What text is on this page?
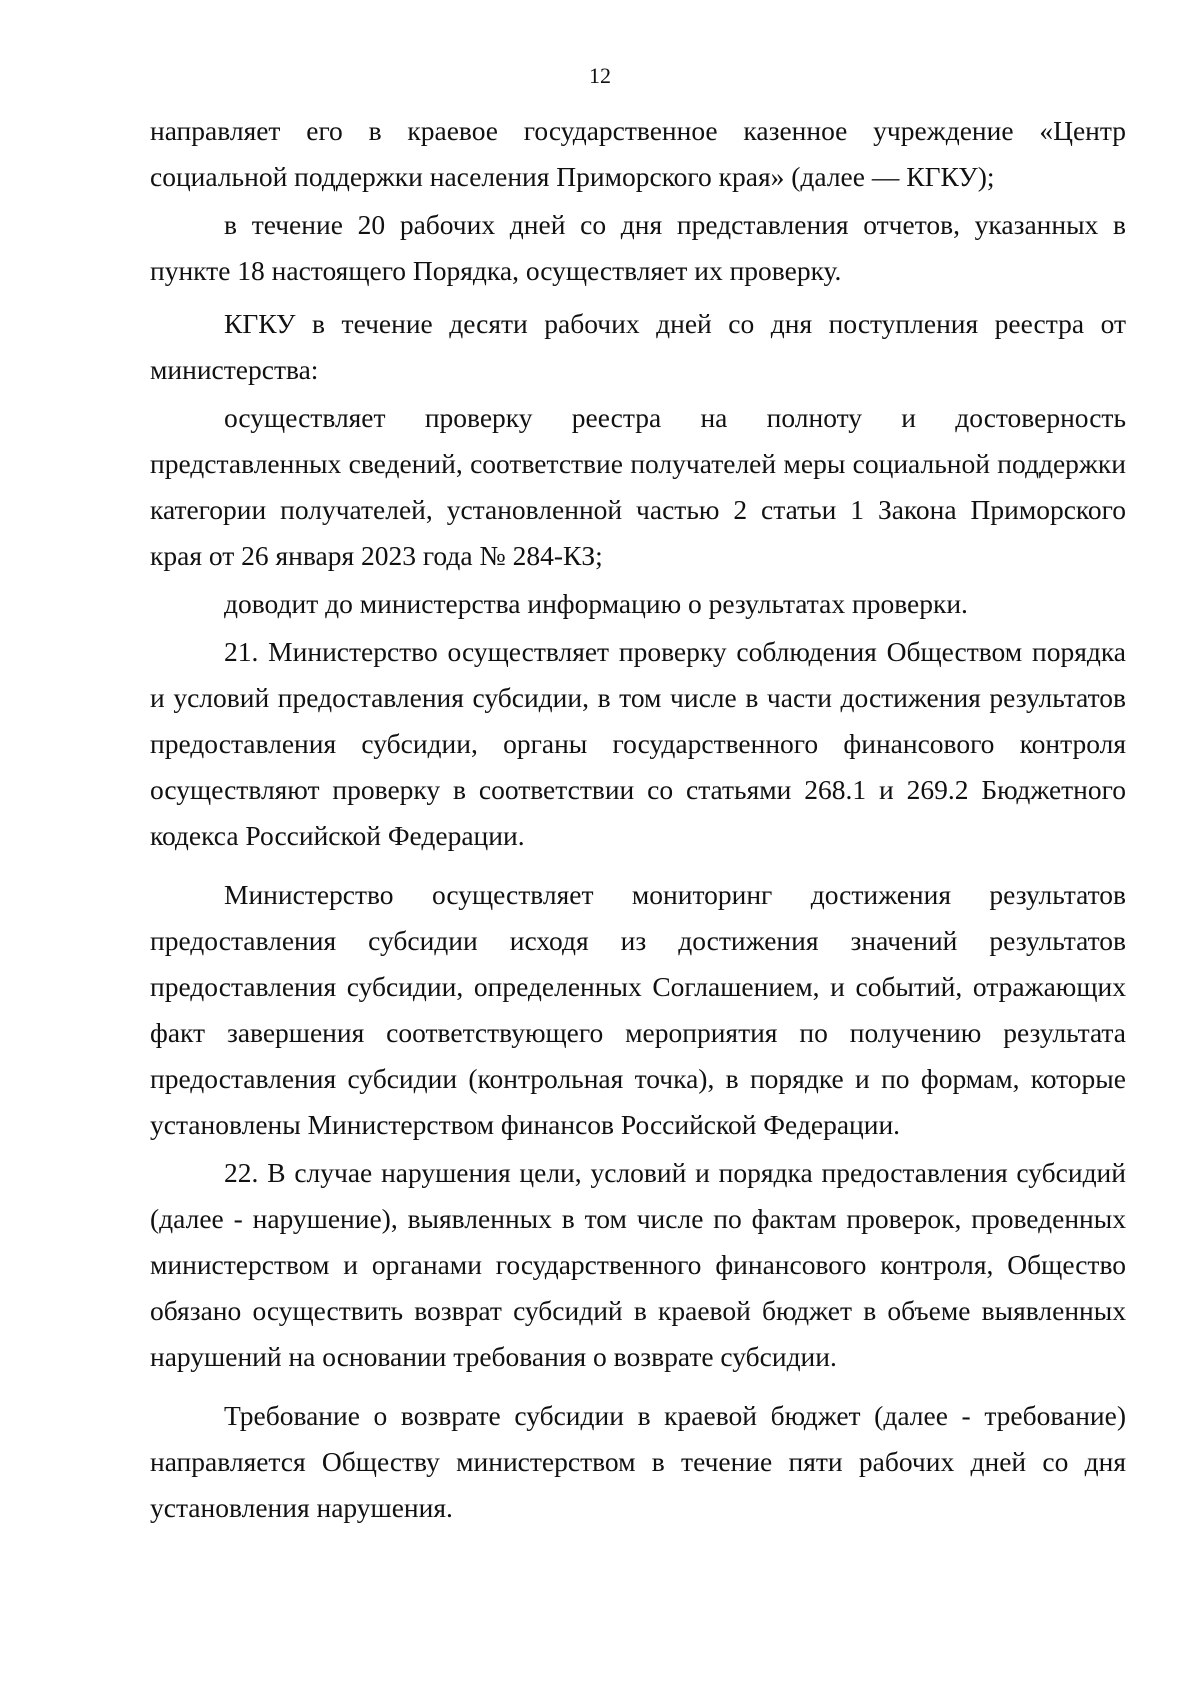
12

направляет его в краевое государственное казенное учреждение «Центр социальной поддержки населения Приморского края» (далее — КГКУ);

в течение 20 рабочих дней со дня представления отчетов, указанных в пункте 18 настоящего Порядка, осуществляет их проверку.

КГКУ в течение десяти рабочих дней со дня поступления реестра от министерства:

осуществляет проверку реестра на полноту и достоверность представленных сведений, соответствие получателей меры социальной поддержки категории получателей, установленной частью 2 статьи 1 Закона Приморского края от 26 января 2023 года № 284-КЗ;

доводит до министерства информацию о результатах проверки.

21. Министерство осуществляет проверку соблюдения Обществом порядка и условий предоставления субсидии, в том числе в части достижения результатов предоставления субсидии, органы государственного финансового контроля осуществляют проверку в соответствии со статьями 268.1 и 269.2 Бюджетного кодекса Российской Федерации.

Министерство осуществляет мониторинг достижения результатов предоставления субсидии исходя из достижения значений результатов предоставления субсидии, определенных Соглашением, и событий, отражающих факт завершения соответствующего мероприятия по получению результата предоставления субсидии (контрольная точка), в порядке и по формам, которые установлены Министерством финансов Российской Федерации.

22. В случае нарушения цели, условий и порядка предоставления субсидий (далее - нарушение), выявленных в том числе по фактам проверок, проведенных министерством и органами государственного финансового контроля, Общество обязано осуществить возврат субсидий в краевой бюджет в объеме выявленных нарушений на основании требования о возврате субсидии.

Требование о возврате субсидии в краевой бюджет (далее - требование) направляется Обществу министерством в течение пяти рабочих дней со дня установления нарушения.
